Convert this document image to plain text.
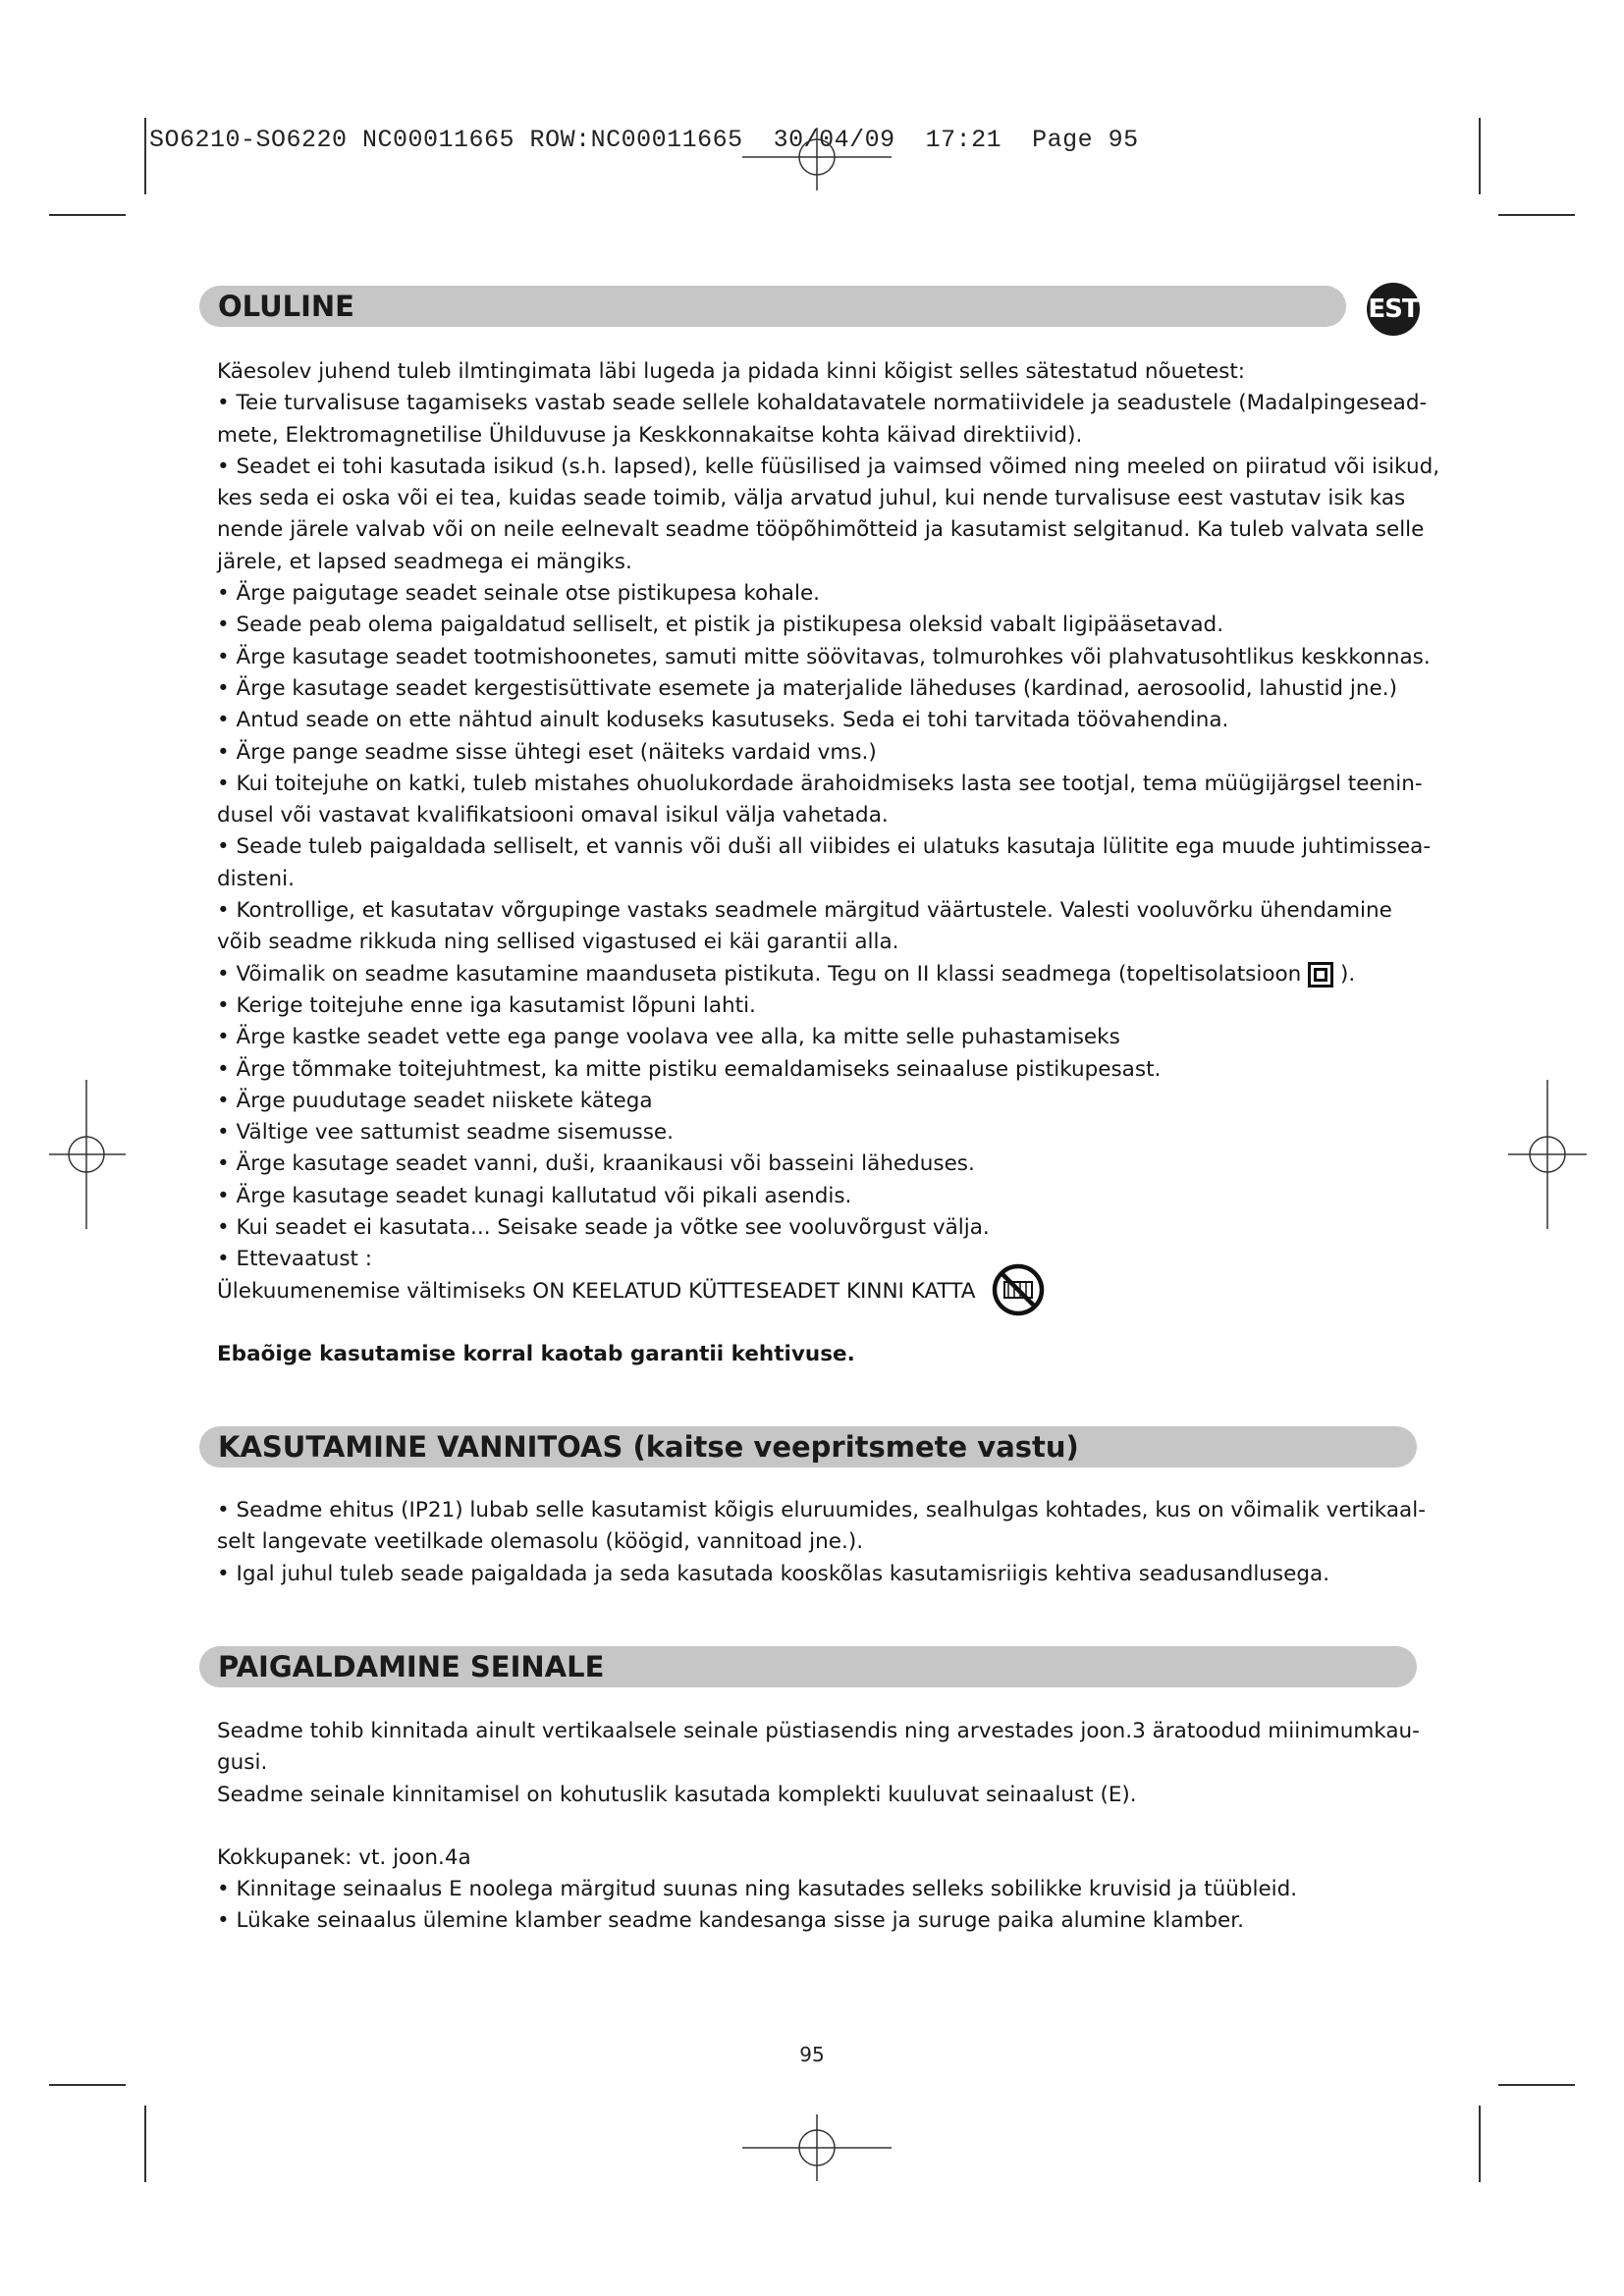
SO6210-SO6220 NC00011665 ROW:NC00011665  30/04/09  17:21  Page 95
OLULINE	EST
Käesolev juhend tuleb ilmtingimata läbi lugeda ja pidada kinni kõigist selles sätestatud nõuetest:
• Teie turvalisuse tagamiseks vastab seade sellele kohaldatavatele normatiividele ja seadustele (Madalpingesead-
mete, Elektromagnetilise Ühilduvuse ja Keskkonnakaitse kohta käivad direktiivid).
• Seadet ei tohi kasutada isikud (s.h. lapsed), kelle füüsilised ja vaimsed võimed ning meeled on piiratud või isikud,
kes seda ei oska või ei tea, kuidas seade toimib, välja arvatud juhul, kui nende turvalisuse eest vastutav isik kas
nende järele valvab või on neile eelnevalt seadme tööpõhimõtteid ja kasutamist selgitanud. Ka tuleb valvata selle
järele, et lapsed seadmega ei mängiks.
• Ärge paigutage seadet seinale otse pistikupesa kohale.
• Seade peab olema paigaldatud selliselt, et pistik ja pistikupesa oleksid vabalt ligipääsetavad.
• Ärge kasutage seadet tootmishoonetes, samuti mitte söövitavas, tolmurohkes või plahvatusohtlikus keskkonnas.
• Ärge kasutage seadet kergestisüttivate esemete ja materjalide läheduses (kardinad, aerosoolid, lahustid jne.)
• Antud seade on ette nähtud ainult koduseks kasutuseks. Seda ei tohi tarvitada töövahendina.
• Ärge pange seadme sisse ühtegi eset (näiteks vardaid vms.)
• Kui toitejuhe on katki, tuleb mistahes ohuolukordade ärahoidmiseks lasta see tootjal, tema müügijärgsel teenin-
dusel või vastavat kvalifikatsiooni omaval isikul välja vahetada.
• Seade tuleb paigaldada selliselt, et vannis või duši all viibides ei ulatuks kasutaja lülitite ega muude juhtimissea-
disteni.
• Kontrollige, et kasutatav võrgupinge vastaks seadmele märgitud väärtustele. Valesti vooluvõrku ühendamine
võib seadme rikkuda ning sellised vigastused ei käi garantii alla.
• Võimalik on seadme kasutamine maanduseta pistikuta. Tegu on II klassi seadmega (topeltisolatsioon ).
• Kerige toitejuhe enne iga kasutamist lõpuni lahti.
• Ärge kastke seadet vette ega pange voolava vee alla, ka mitte selle puhastamiseks
• Ärge tõmmake toitejuhtmest, ka mitte pistiku eemaldamiseks seinaaluse pistikupesast.
• Ärge puudutage seadet niiskete kätega
• Vältige vee sattumist seadme sisemusse.
• Ärge kasutage seadet vanni, duši, kraanikausi või basseini läheduses.
• Ärge kasutage seadet kunagi kallutatud või pikali asendis.
• Kui seadet ei kasutata... Seisake seade ja võtke see vooluvõrgust välja.
• Ettevaatust :
Ülekuumenemise vältimiseks ON KEELATUD KÜTTESEADET KINNI KATTA
Ebaõige kasutamise korral kaotab garantii kehtivuse.
KASUTAMINE VANNITOAS (kaitse veepritsmete vastu)
• Seadme ehitus (IP21) lubab selle kasutamist kõigis eluruumides, sealhulgas kohtades, kus on võimalik vertikaal-
selt langevate veetilkade olemasolu (köögid, vannitoad jne.).
• Igal juhul tuleb seade paigaldada ja seda kasutada kooskõlas kasutamisriigis kehtiva seadusandlusega.
PAIGALDAMINE SEINALE
Seadme tohib kinnitada ainult vertikaalsele seinale püstiasendis ning arvestades joon.3 äratoodud miinimumkau-
gusi.
Seadme seinale kinnitamisel on kohutuslik kasutada komplekti kuuluvat seinaalust (E).
Kokkupanek: vt. joon.4a
• Kinnitage seinaalus E noolega märgitud suunas ning kasutades selleks sobilikke kruvisid ja tüübleid.
• Lükake seinaalus ülemine klamber seadme kandesanga sisse ja suruge paika alumine klamber.
95
